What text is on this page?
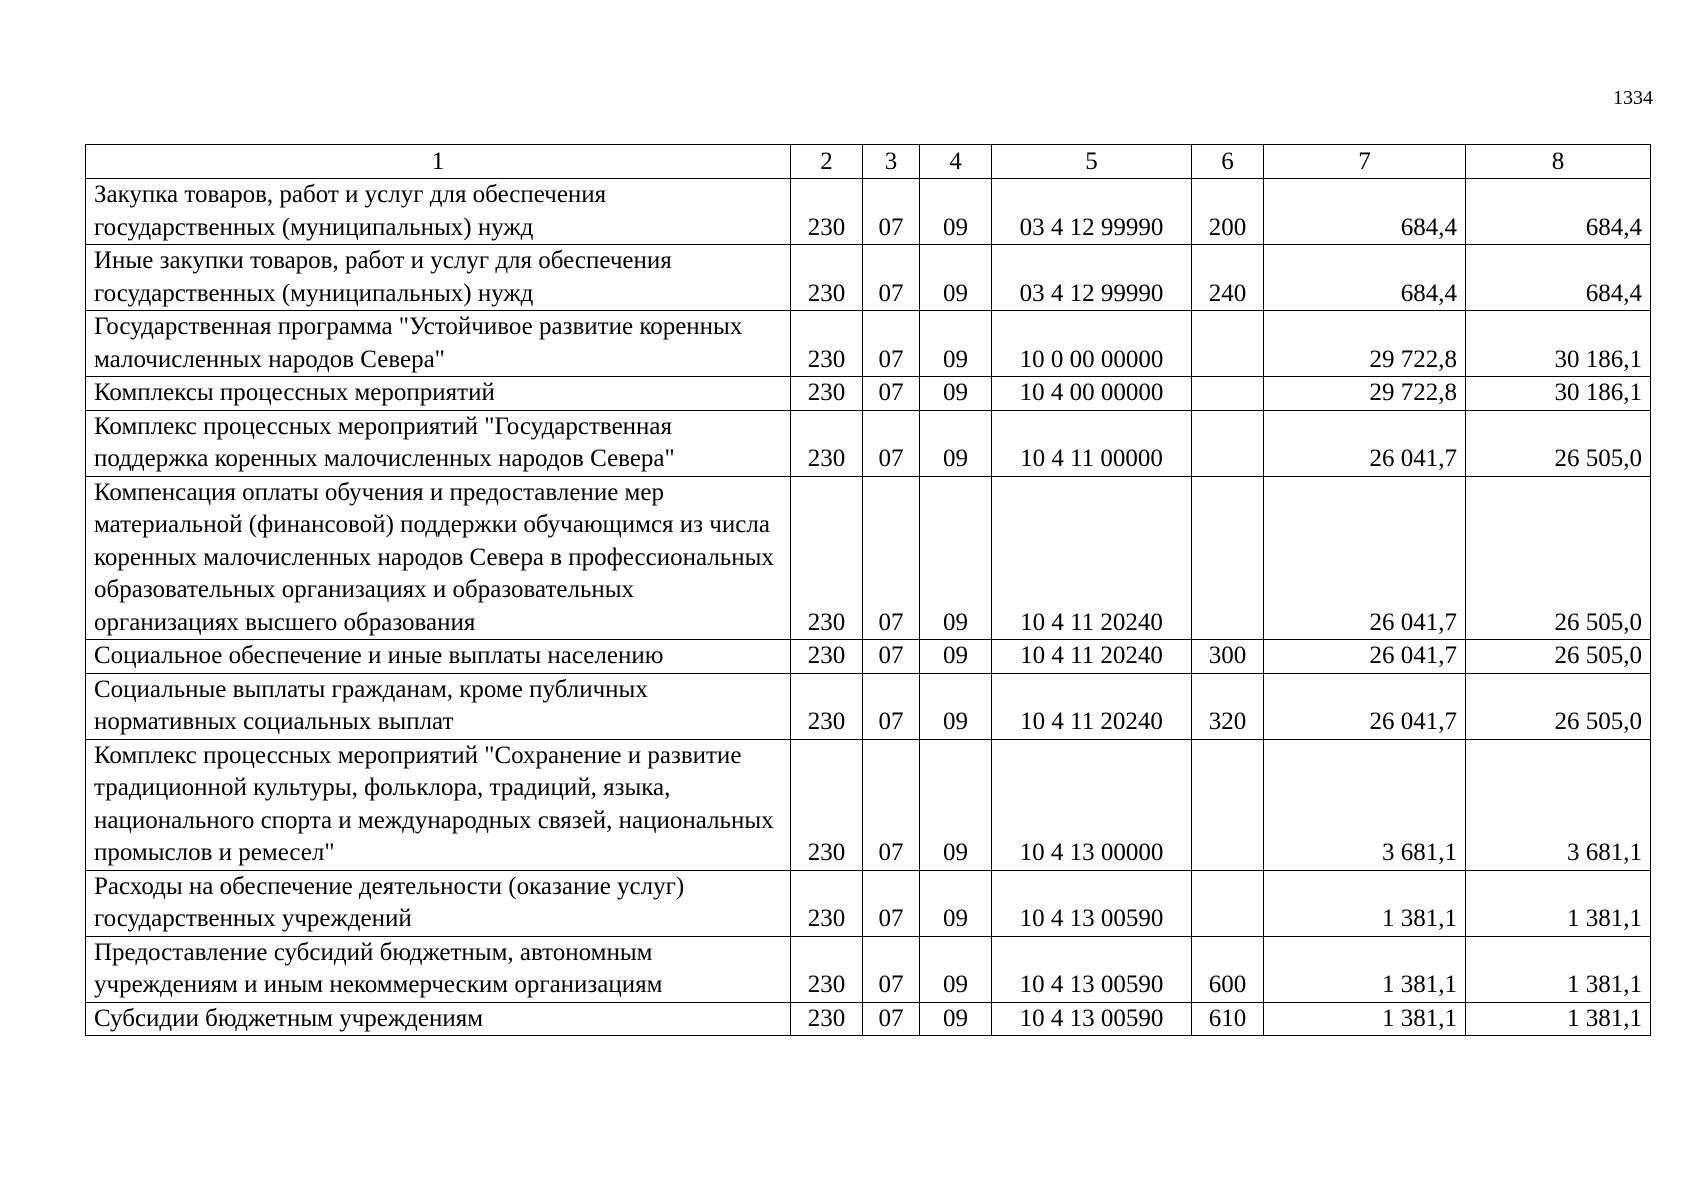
1334
1	2	3	4	5	6	7	8
Закупка товаров, работ и услуг для обеспечения государственных (муниципальных) нужд	230	07	09	03 4 12 99990	200	684,4	684,4
Иные закупки товаров, работ и услуг для обеспечения государственных (муниципальных) нужд	230	07	09	03 4 12 99990	240	684,4	684,4
Государственная программа "Устойчивое развитие коренных малочисленных народов Севера"	230	07	09	10 0 00 00000		29 722,8	30 186,1
Комплексы процессных мероприятий	230	07	09	10 4 00 00000		29 722,8	30 186,1
Комплекс процессных мероприятий "Государственная поддержка коренных малочисленных народов Севера"	230	07	09	10 4 11 00000		26 041,7	26 505,0
Компенсация оплаты обучения и предоставление мер материальной (финансовой) поддержки обучающимся из числа коренных малочисленных народов Севера в профессиональных образовательных организациях и образовательных организациях высшего образования	230	07	09	10 4 11 20240		26 041,7	26 505,0
Социальное обеспечение и иные выплаты населению	230	07	09	10 4 11 20240	300	26 041,7	26 505,0
Социальные выплаты гражданам, кроме публичных нормативных социальных выплат	230	07	09	10 4 11 20240	320	26 041,7	26 505,0
Комплекс процессных мероприятий "Сохранение и развитие традиционной культуры, фольклора, традиций, языка, национального спорта и международных связей, национальных промыслов и ремесел"	230	07	09	10 4 13 00000		3 681,1	3 681,1
Расходы на обеспечение деятельности (оказание услуг) государственных учреждений	230	07	09	10 4 13 00590		1 381,1	1 381,1
Предоставление субсидий бюджетным, автономным учреждениям и иным некоммерческим организациям	230	07	09	10 4 13 00590	600	1 381,1	1 381,1
Субсидии бюджетным учреждениям	230	07	09	10 4 13 00590	610	1 381,1	1 381,1
